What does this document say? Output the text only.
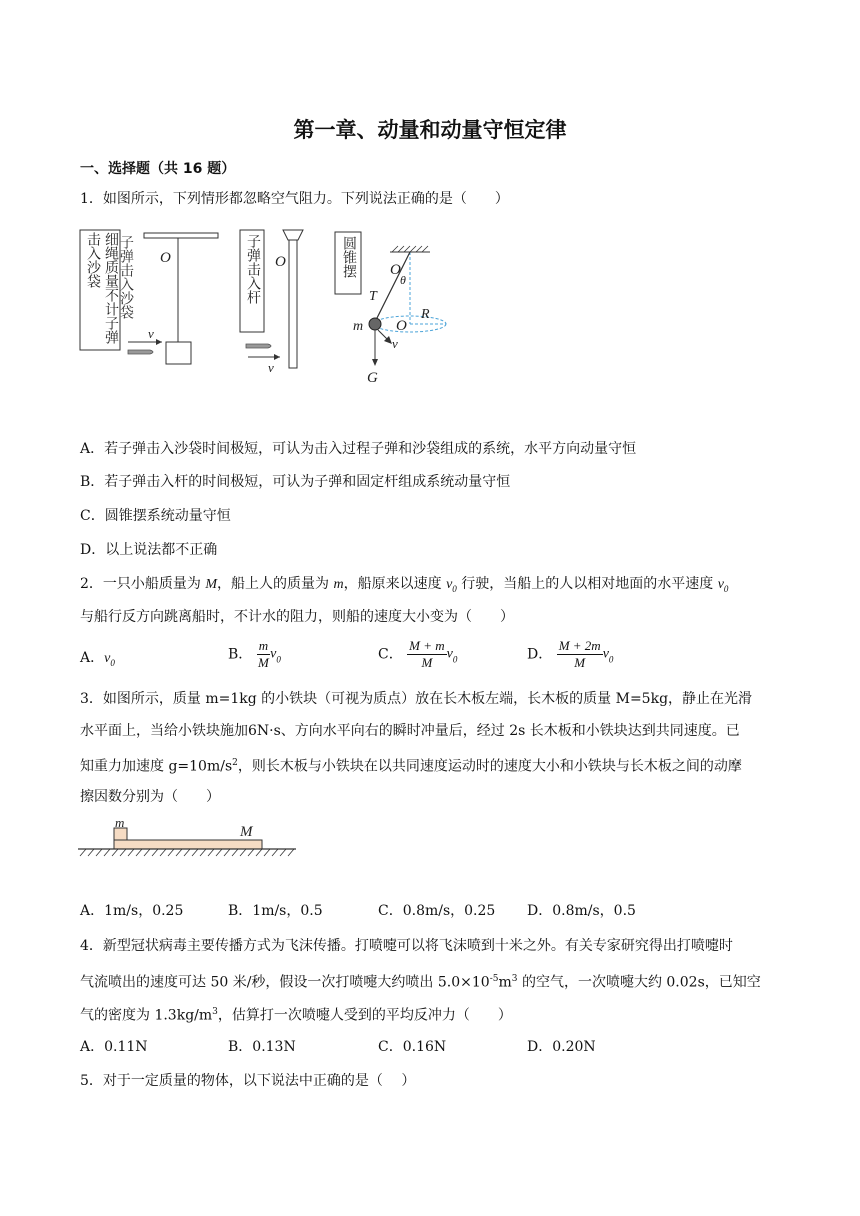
第一章、动量和动量守恒定律
一、选择题（共 16 题）
1．如图所示，下列情形都忽略空气阻力。下列说法正确的是（　　）
子弹击入沙袋
O
v
O
v
O
θ
T
R
m O
v
G
细绳质量不计子弹击入沙袋	子弹击入杆	圆锥摆
A．若子弹击入沙袋时间极短，可认为击入过程子弹和沙袋组成的系统，水平方向动量守恒
B．若子弹击入杆的时间极短，可认为子弹和固定杆组成系统动量守恒
C．圆锥摆系统动量守恒
D．以上说法都不正确
2．一只小船质量为 M，船上人的质量为 m，船原来以速度 $v_0$ 行驶，当船上的人以相对地面的水平速度 $v_0$
与船行反方向跳离船时，不计水的阻力，则船的速度大小变为（　　）
A．$v_0$
B． $\frac{m}{M} v_0$	C． $\frac{M + m}{M} v_0$	D． $\frac{M + 2m}{M} v_0$
3．如图所示，质量 m=1kg 的小铁块（可视为质点）放在长木板左端，长木板的质量 M=5kg，静止在光滑
水平面上，当给小铁块施加6N·s、方向水平向右的瞬时冲量后，经过 2s 长木板和小铁块达到共同速度。已
知重力加速度 $g=10m/s^2$，则长木板与小铁块在以共同速度运动时的速度大小和小铁块与长木板之间的动摩
擦因数分别为（　　）
m
M
A．1m/s，0.25	B．1m/s，0.5	C．0.8m/s，0.25 D．0.8m/s，0.5
4．新型冠状病毒主要传播方式为飞沫传播。打喷嚏可以将飞沫喷到十米之外。有关专家研究得出打喷嚏时
气流喷出的速度可达 50 米/秒，假设一次打喷嚏大约喷出 $5.0\times 10^{-5}m^3$ 的空气，一次喷嚏大约 0.02s，已知空
气的密度为 $1.3kg/m^3$，估算打一次喷嚏人受到的平均反冲力（　　）
A．0.11N	B．0.13N	C．0.16N	D．0.20N
5．对于一定质量的物体，以下说法中正确的是（　 ）
